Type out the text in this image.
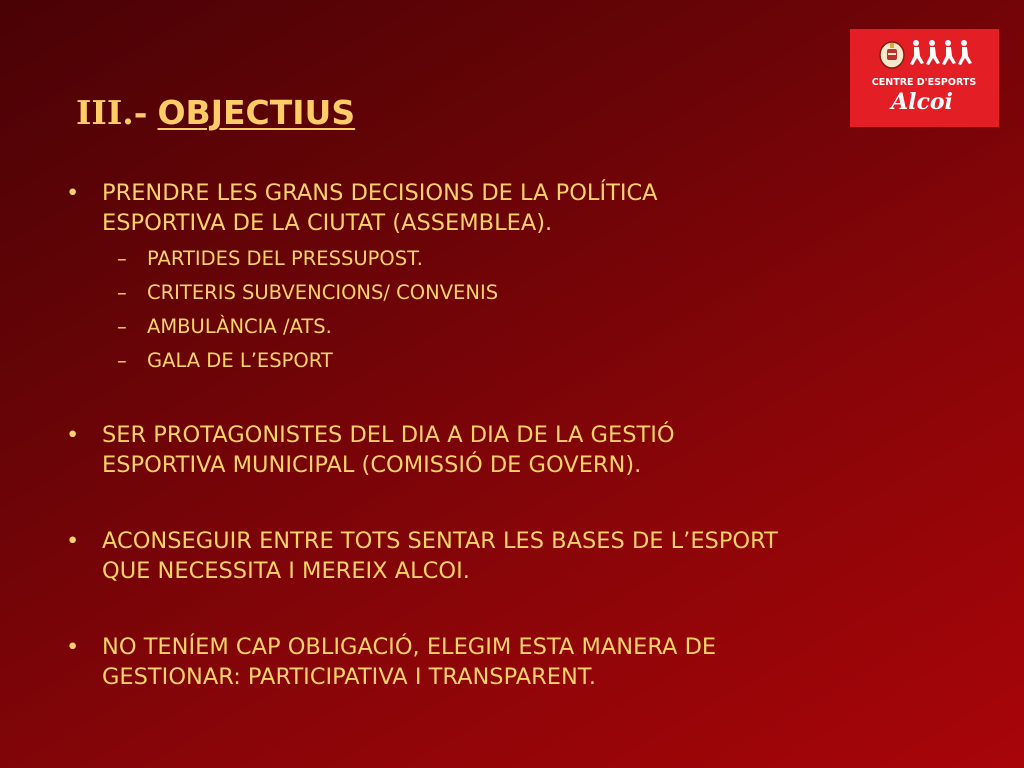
III.- OBJECTIUS
CENTRE D'ESPORTS
Alcoi
• PRENDRE LES GRANS DECISIONS DE LA POLÍTICA
ESPORTIVA DE LA CIUTAT (ASSEMBLEA).
– PARTIDES DEL PRESSUPOST.
– CRITERIS SUBVENCIONS/ CONVENIS
– AMBULÀNCIA /ATS.
– GALA DE L’ESPORT
• SER PROTAGONISTES DEL DIA A DIA DE LA GESTIÓ
ESPORTIVA MUNICIPAL (COMISSIÓ DE GOVERN).
• ACONSEGUIR ENTRE TOTS SENTAR LES BASES DE L’ESPORT
QUE NECESSITA I MEREIX ALCOI.
• NO TENÍEM CAP OBLIGACIÓ, ELEGIM ESTA MANERA DE
GESTIONAR: PARTICIPATIVA I TRANSPARENT.
